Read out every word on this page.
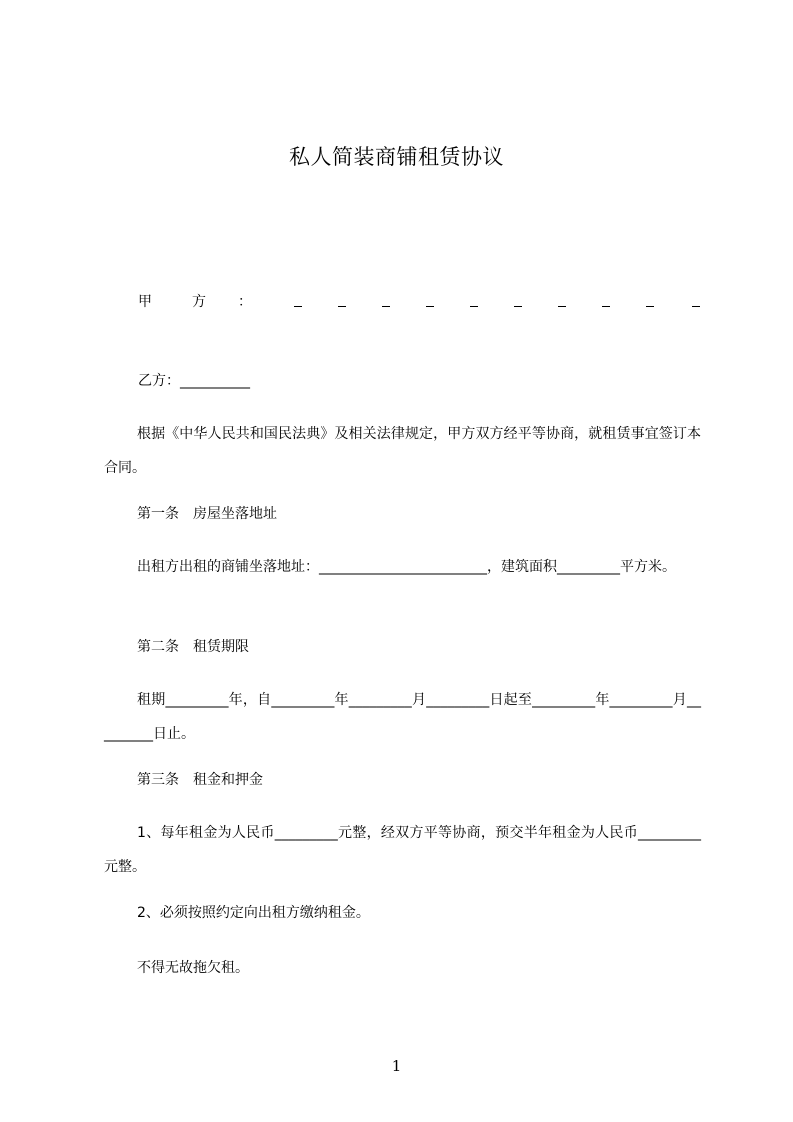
私人简装商铺租赁协议
甲	方 ：
乙方：__________
根据《中华人民共和国民法典》及相关法律规定，甲方双方经平等协商，就租赁事宜签订本合同。
第一条　房屋坐落地址
出租方出租的商铺坐落地址：________________________，建筑面积_________平方米。
第二条　租赁期限
租期_________年，自_________年_________月_________日起至_________年_________月_________日止。
第三条　租金和押金
1、每年租金为人民币_________元整，经双方平等协商，预交半年租金为人民币_________元整。
2、必须按照约定向出租方缴纳租金。
不得无故拖欠租。
1
